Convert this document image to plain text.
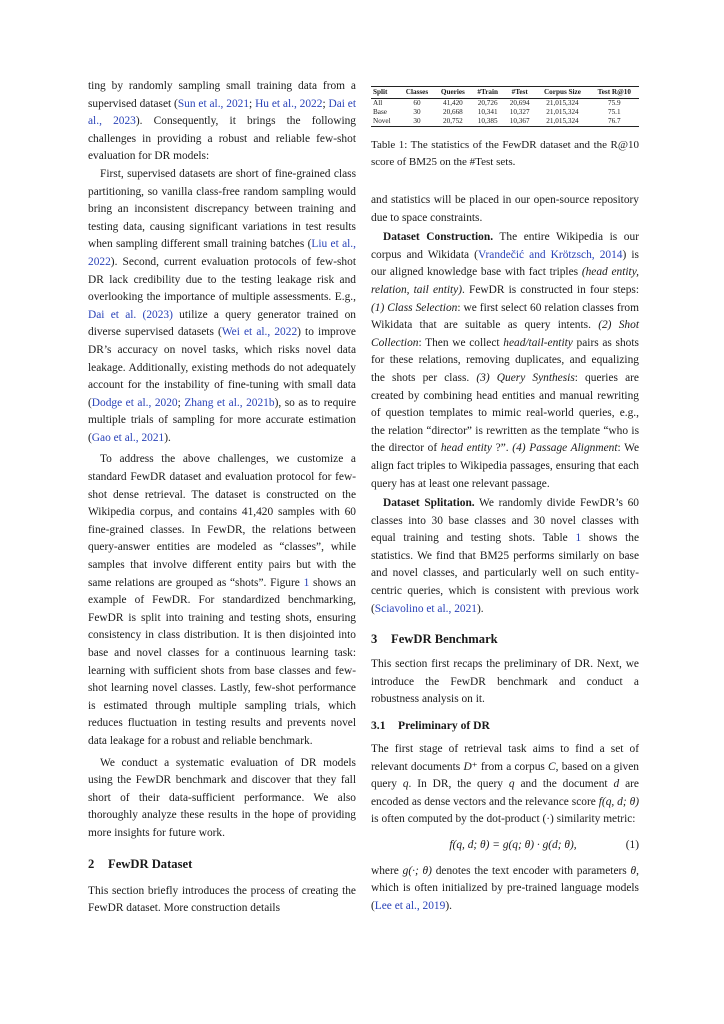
ting by randomly sampling small training data from a supervised dataset (Sun et al., 2021; Hu et al., 2022; Dai et al., 2023). Consequently, it brings the following challenges in providing a robust and reliable few-shot evaluation for DR models:

First, supervised datasets are short of fine-grained class partitioning, so vanilla class-free random sampling would bring an inconsistent discrepancy between training and testing data, causing significant variations in test results when sampling different small training batches (Liu et al., 2022). Second, current evaluation protocols of few-shot DR lack credibility due to the testing leakage risk and overlooking the importance of multiple assessments. E.g., Dai et al. (2023) utilize a query generator trained on diverse supervised datasets (Wei et al., 2022) to improve DR’s accuracy on novel tasks, which risks novel data leakage. Additionally, existing methods do not adequately account for the instability of fine-tuning with small data (Dodge et al., 2020; Zhang et al., 2021b), so as to require multiple trials of sampling for more accurate estimation (Gao et al., 2021).

To address the above challenges, we customize a standard FewDR dataset and evaluation protocol for few-shot dense retrieval. The dataset is constructed on the Wikipedia corpus, and contains 41,420 samples with 60 fine-grained classes. In FewDR, the relations between query-answer entities are modeled as “classes”, while samples that involve different entity pairs but with the same relations are grouped as “shots”. Figure 1 shows an example of FewDR. For standardized benchmarking, FewDR is split into training and testing shots, ensuring consistency in class distribution. It is then disjointed into base and novel classes for a continuous learning task: learning with sufficient shots from base classes and few-shot learning novel classes. Lastly, few-shot performance is estimated through multiple sampling trials, which reduces fluctuation in testing results and prevents novel data leakage for a robust and reliable benchmark.

We conduct a systematic evaluation of DR models using the FewDR benchmark and discover that they fall short of their data-sufficient performance. We also thoroughly analyze these results in the hope of providing more insights for future work.

2 FewDR Dataset

This section briefly introduces the process of creating the FewDR dataset. More construction details

Split	Classes	Queries	#Train	#Test	Corpus Size	Test R@10
All	60	41,420	20,726	20,694	21,015,324	75.9
Base	30	20,668	10,341	10,327	21,015,324	75.1
Novel	30	20,752	10,385	10,367	21,015,324	76.7

Table 1: The statistics of the FewDR dataset and the R@10 score of BM25 on the #Test sets.

and statistics will be placed in our open-source repository due to space constraints.

Dataset Construction. The entire Wikipedia is our corpus and Wikidata (Vrandečić and Krötzsch, 2014) is our aligned knowledge base with fact triples (head entity, relation, tail entity). FewDR is constructed in four steps: (1) Class Selection: we first select 60 relation classes from Wikidata that are suitable as query intents. (2) Shot Collection: Then we collect head/tail-entity pairs as shots for these relations, removing duplicates, and equalizing the shots per class. (3) Query Synthesis: queries are created by combining head entities and manual rewriting of question templates to mimic real-world queries, e.g., the relation “director” is rewritten as the template “who is the director of head entity ?”. (4) Passage Alignment: We align fact triples to Wikipedia passages, ensuring that each query has at least one relevant passage.

Dataset Splitation. We randomly divide FewDR’s 60 classes into 30 base classes and 30 novel classes with equal training and testing shots. Table 1 shows the statistics. We find that BM25 performs similarly on base and novel classes, and particularly well on such entity-centric queries, which is consistent with previous work (Sciavolino et al., 2021).

3 FewDR Benchmark

This section first recaps the preliminary of DR. Next, we introduce the FewDR benchmark and conduct a robustness analysis on it.

3.1 Preliminary of DR

The first stage of retrieval task aims to find a set of relevant documents D⁺ from a corpus C, based on a given query q. In DR, the query q and the document d are encoded as dense vectors and the relevance score f(q, d; θ) is often computed by the dot-product (·) similarity metric:

f(q, d; θ) = g(q; θ) · g(d; θ),	(1)

where g(·; θ) denotes the text encoder with parameters θ, which is often initialized by pre-trained language models (Lee et al., 2019).
